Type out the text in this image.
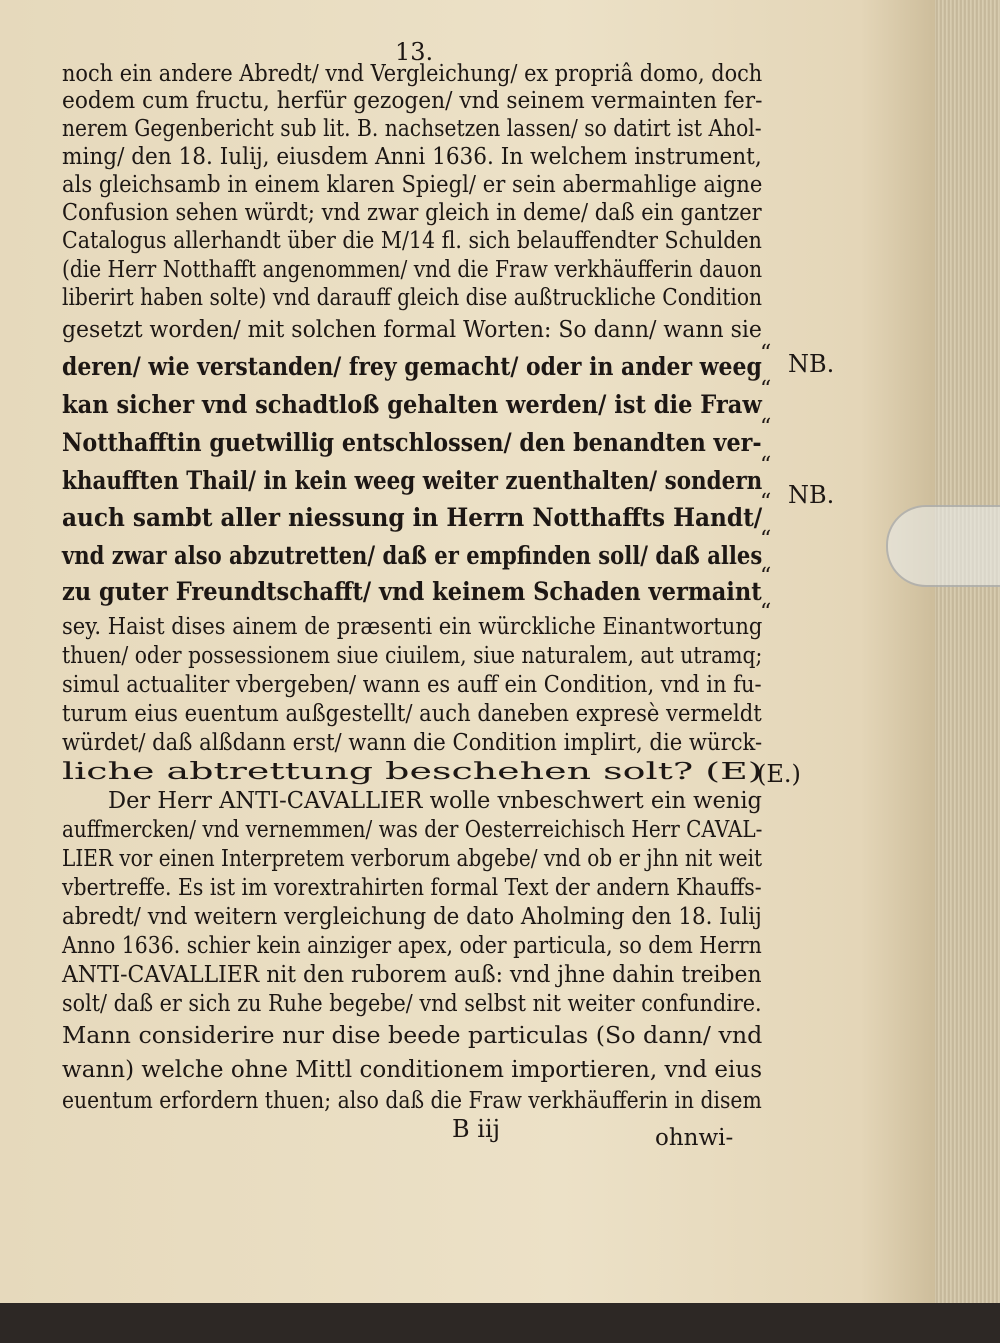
13.
noch ein andere Abredt/ vnd Vergleichung/ ex propriâ domo, doch
eodem cum fructu, herfür gezogen/ vnd seinem vermainten fer-
nerem Gegenbericht sub lit. B. nachsetzen lassen/ so datirt ist Ahol-
ming/ den 18. Iulij, eiusdem Anni 1636. In welchem instrument,
als gleichsamb in einem klaren Spiegl/ er sein abermahlige aigne
Confusion sehen würdt; vnd zwar gleich in deme/ daß ein gantzer
Catalogus allerhandt über die M/14 fl. sich belauffendter Schulden
(die Herr Notthafft angenommen/ vnd die Fraw verkhäufferin dauon
liberirt haben solte) vnd darauff gleich dise außtruckliche Condition
gesetzt worden/ mit solchen formal Worten: So dann/ wann sie
deren/ wie verstanden/ frey gemacht/ oder in ander weeg
kan sicher vnd schadtloß gehalten werden/ ist die Fraw
Notthafftin guetwillig entschlossen/ den benandten ver-
khaufften Thail/ in kein weeg weiter zuenthalten/ sondern
auch sambt aller niessung in Herrn Notthaffts Handt/
vnd zwar also abzutretten/ daß er empfinden soll/ daß alles
zu guter Freundtschafft/ vnd keinem Schaden vermaint
sey. Haist dises ainem de præsenti ein würckliche Einantwortung
thuen/ oder possessionem siue ciuilem, siue naturalem, aut utramq;
simul actualiter vbergeben/ wann es auff ein Condition, vnd in fu-
turum eius euentum außgestellt/ auch daneben expresè vermeldt
würdet/ daß alßdann erst/ wann die Condition implirt, die würck-
liche abtrettung beschehen solt? (E)
Der Herr ANTI-CAVALLIER wolle vnbeschwert ein wenig
auffmercken/ vnd vernemmen/ was der Oesterreichisch Herr CAVAL-
LIER vor einen Interpretem verborum abgebe/ vnd ob er jhn nit weit
vbertreffe. Es ist im vorextrahirten formal Text der andern Khauffs-
abredt/ vnd weitern vergleichung de dato Aholming den 18. Iulij
Anno 1636. schier kein ainziger apex, oder particula, so dem Herrn
ANTI-CAVALLIER nit den ruborem auß: vnd jhne dahin treiben
solt/ daß er sich zu Ruhe begebe/ vnd selbst nit weiter confundire.
Mann considerire nur dise beede particulas (So dann/ vnd
wann) welche ohne Mittl conditionem importieren, vnd eius
euentum erfordern thuen; also daß die Fraw verkhäufferin in disem
“
“
“
“
“
“
“
“
NB.
NB.
(E.)
B iij	ohnwi-
